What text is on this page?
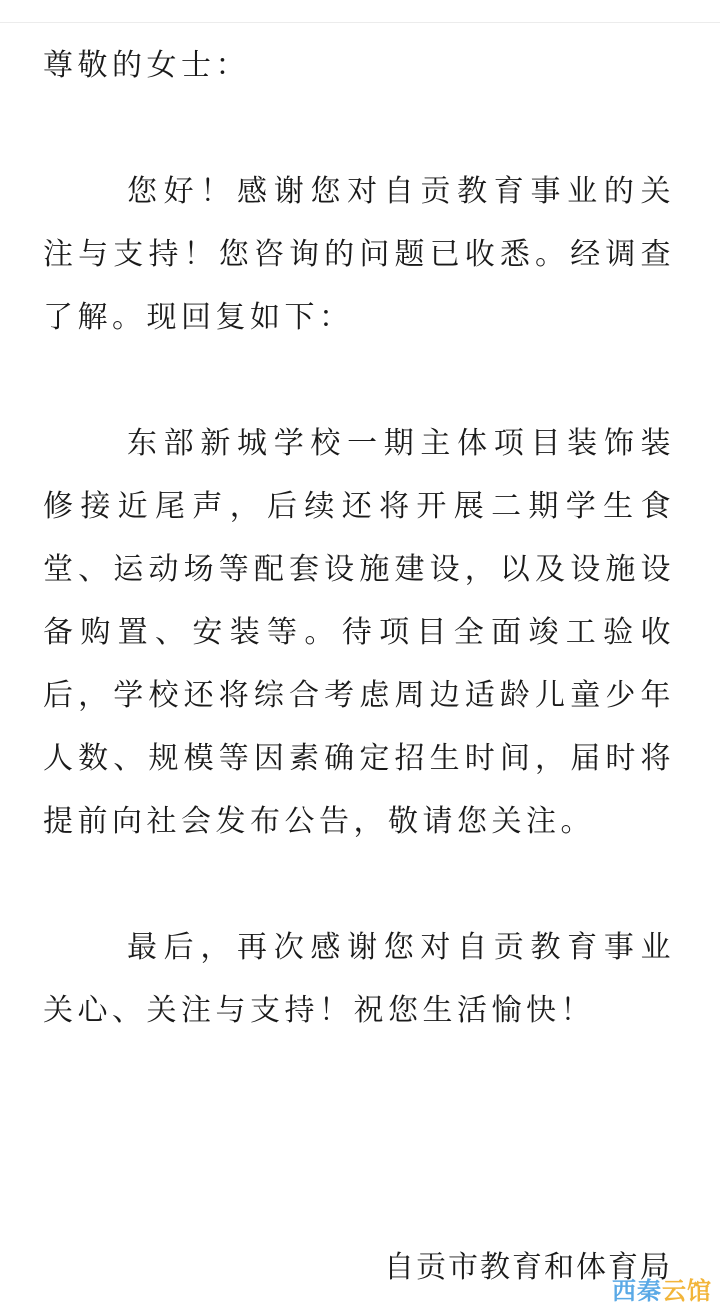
尊敬的女士：

您好！感谢您对自贡教育事业的关注与支持！您咨询的问题已收悉。经调查了解。现回复如下：

东部新城学校一期主体项目装饰装修接近尾声，后续还将开展二期学生食堂、运动场等配套设施建设，以及设施设备购置、安装等。待项目全面竣工验收后，学校还将综合考虑周边适龄儿童少年人数、规模等因素确定招生时间，届时将提前向社会发布公告，敬请您关注。

最后，再次感谢您对自贡教育事业关心、关注与支持！祝您生活愉快！

自贡市教育和体育局
西秦云馆
